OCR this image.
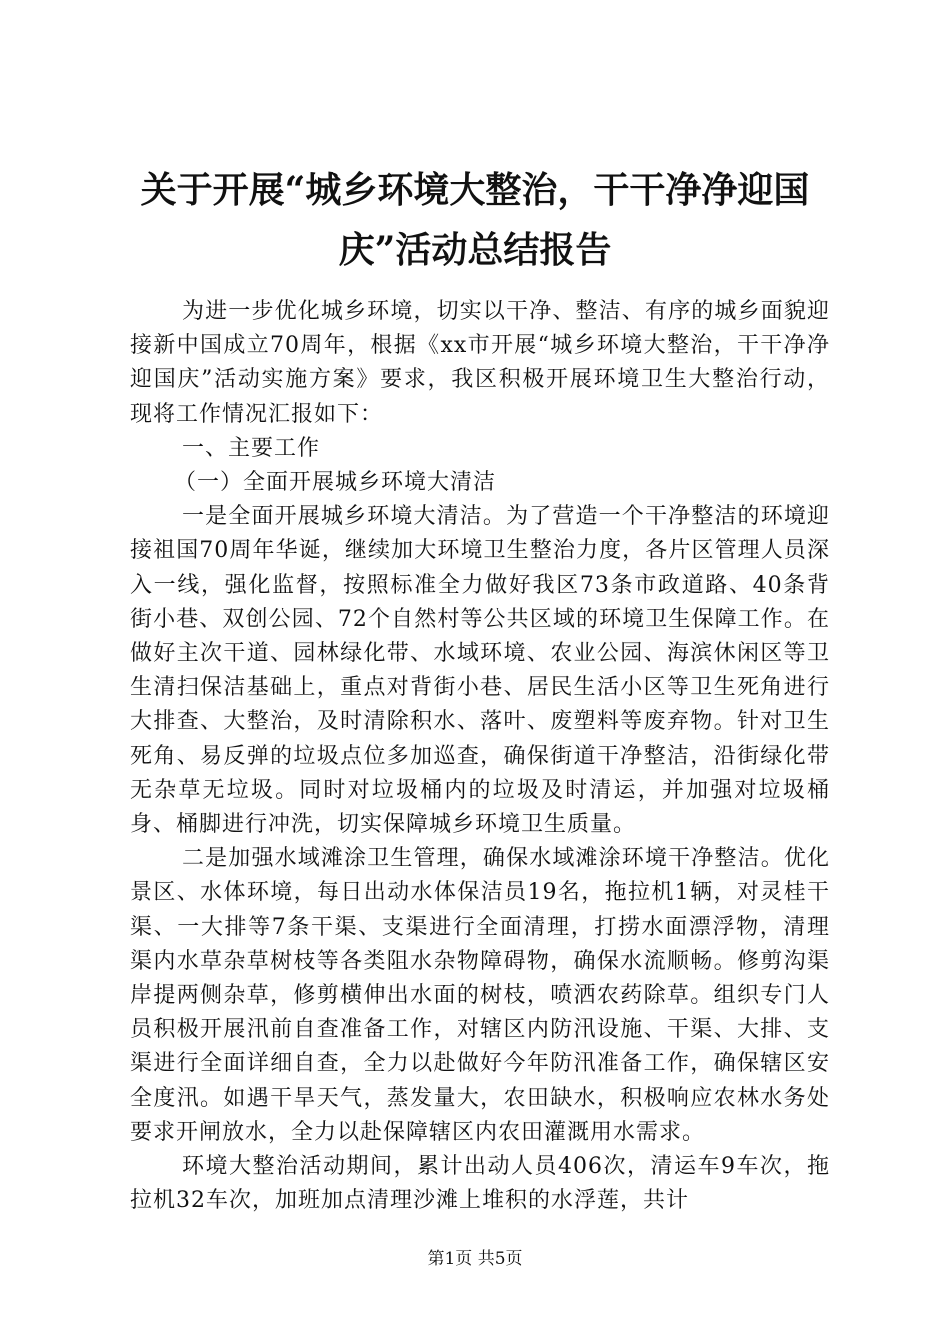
关于开展“城乡环境大整治，干干净净迎国
庆”活动总结报告

为进一步优化城乡环境，切实以干净、整洁、有序的城乡面貌迎接新中国成立70周年，根据《xx市开展“城乡环境大整治，干干净净迎国庆”活动实施方案》要求，我区积极开展环境卫生大整治行动，现将工作情况汇报如下：

一、主要工作

（一）全面开展城乡环境大清洁

一是全面开展城乡环境大清洁。为了营造一个干净整洁的环境迎接祖国70周年华诞，继续加大环境卫生整治力度，各片区管理人员深入一线，强化监督，按照标准全力做好我区73条市政道路、40条背街小巷、双创公园、72个自然村等公共区域的环境卫生保障工作。在做好主次干道、园林绿化带、水域环境、农业公园、海滨休闲区等卫生清扫保洁基础上，重点对背街小巷、居民生活小区等卫生死角进行大排查、大整治，及时清除积水、落叶、废塑料等废弃物。针对卫生死角、易反弹的垃圾点位多加巡查，确保街道干净整洁，沿街绿化带无杂草无垃圾。同时对垃圾桶内的垃圾及时清运，并加强对垃圾桶身、桶脚进行冲洗，切实保障城乡环境卫生质量。

二是加强水域滩涂卫生管理，确保水域滩涂环境干净整洁。优化景区、水体环境，每日出动水体保洁员19名，拖拉机1辆，对灵桂干渠、一大排等7条干渠、支渠进行全面清理，打捞水面漂浮物，清理渠内水草杂草树枝等各类阻水杂物障碍物，确保水流顺畅。修剪沟渠岸提两侧杂草，修剪横伸出水面的树枝，喷洒农药除草。组织专门人员积极开展汛前自查准备工作，对辖区内防汛设施、干渠、大排、支渠进行全面详细自查，全力以赴做好今年防汛准备工作，确保辖区安全度汛。如遇干旱天气，蒸发量大，农田缺水，积极响应农林水务处要求开闸放水，全力以赴保障辖区内农田灌溉用水需求。

环境大整治活动期间，累计出动人员406次，清运车9车次，拖拉机32车次，加班加点清理沙滩上堆积的水浮莲，共计

第1页 共5页
